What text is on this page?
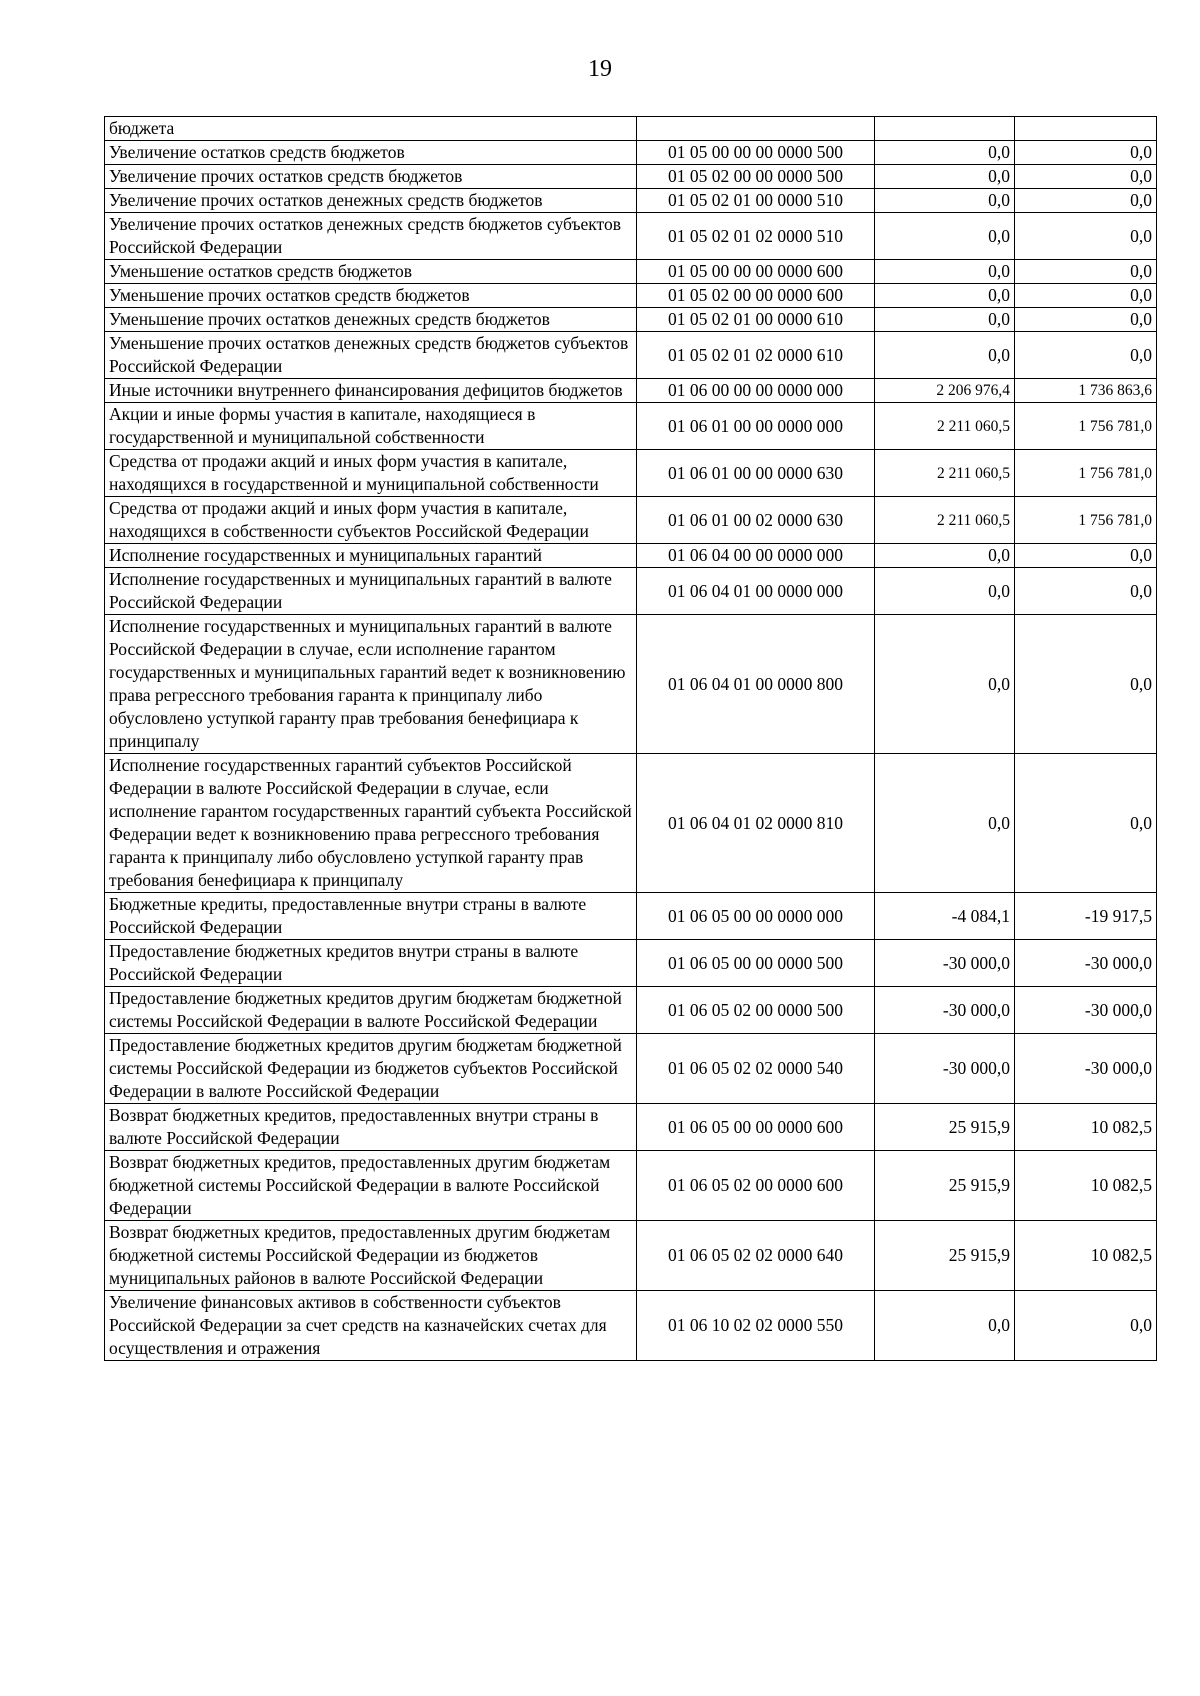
19
бюджета			
Увеличение остатков средств бюджетов	01 05 00 00 00 0000 500	0,0	0,0
Увеличение прочих остатков средств бюджетов	01 05 02 00 00 0000 500	0,0	0,0
Увеличение прочих остатков денежных средств бюджетов	01 05 02 01 00 0000 510	0,0	0,0
Увеличение прочих остатков денежных средств бюджетов субъектов Российской Федерации	01 05 02 01 02 0000 510	0,0	0,0
Уменьшение остатков средств бюджетов	01 05 00 00 00 0000 600	0,0	0,0
Уменьшение прочих остатков средств бюджетов	01 05 02 00 00 0000 600	0,0	0,0
Уменьшение прочих остатков денежных средств бюджетов	01 05 02 01 00 0000 610	0,0	0,0
Уменьшение прочих остатков денежных средств бюджетов субъектов Российской Федерации	01 05 02 01 02 0000 610	0,0	0,0
Иные источники внутреннего финансирования дефицитов бюджетов	01 06 00 00 00 0000 000	2 206 976,4	1 736 863,6
Акции и иные формы участия в капитале, находящиеся в государственной и муниципальной собственности	01 06 01 00 00 0000 000	2 211 060,5	1 756 781,0
Средства от продажи акций и иных форм участия в капитале, находящихся в государственной и муниципальной собственности	01 06 01 00 00 0000 630	2 211 060,5	1 756 781,0
Средства от продажи акций и иных форм участия в капитале, находящихся в собственности субъектов Российской Федерации	01 06 01 00 02 0000 630	2 211 060,5	1 756 781,0
Исполнение государственных и муниципальных гарантий	01 06 04 00 00 0000 000	0,0	0,0
Исполнение государственных и муниципальных гарантий в валюте Российской Федерации	01 06 04 01 00 0000 000	0,0	0,0
Исполнение государственных и муниципальных гарантий в валюте Российской Федерации в случае, если исполнение гарантом государственных и муниципальных гарантий ведет к возникновению права регрессного требования гаранта к принципалу либо обусловлено уступкой гаранту прав требования бенефициара к принципалу	01 06 04 01 00 0000 800	0,0	0,0
Исполнение государственных гарантий субъектов Российской Федерации в валюте Российской Федерации в случае, если исполнение гарантом государственных гарантий субъекта Российской Федерации ведет к возникновению права регрессного требования гаранта к принципалу либо обусловлено уступкой гаранту прав требования бенефициара к принципалу	01 06 04 01 02 0000 810	0,0	0,0
Бюджетные кредиты, предоставленные внутри страны в валюте Российской Федерации	01 06 05 00 00 0000 000	-4 084,1	-19 917,5
Предоставление бюджетных кредитов внутри страны в валюте Российской Федерации	01 06 05 00 00 0000 500	-30 000,0	-30 000,0
Предоставление бюджетных кредитов другим бюджетам бюджетной системы Российской Федерации в валюте Российской Федерации	01 06 05 02 00 0000 500	-30 000,0	-30 000,0
Предоставление бюджетных кредитов другим бюджетам бюджетной системы Российской Федерации из бюджетов субъектов Российской Федерации в валюте Российской Федерации	01 06 05 02 02 0000 540	-30 000,0	-30 000,0
Возврат бюджетных кредитов, предоставленных внутри страны в валюте Российской Федерации	01 06 05 00 00 0000 600	25 915,9	10 082,5
Возврат бюджетных кредитов, предоставленных другим бюджетам бюджетной системы Российской Федерации в валюте Российской Федерации	01 06 05 02 00 0000 600	25 915,9	10 082,5
Возврат бюджетных кредитов, предоставленных другим бюджетам бюджетной системы Российской Федерации из бюджетов муниципальных районов в валюте Российской Федерации	01 06 05 02 02 0000 640	25 915,9	10 082,5
Увеличение финансовых активов в собственности субъектов Российской Федерации за счет средств на казначейских счетах для осуществления и отражения	01 06 10 02 02 0000 550	0,0	0,0
